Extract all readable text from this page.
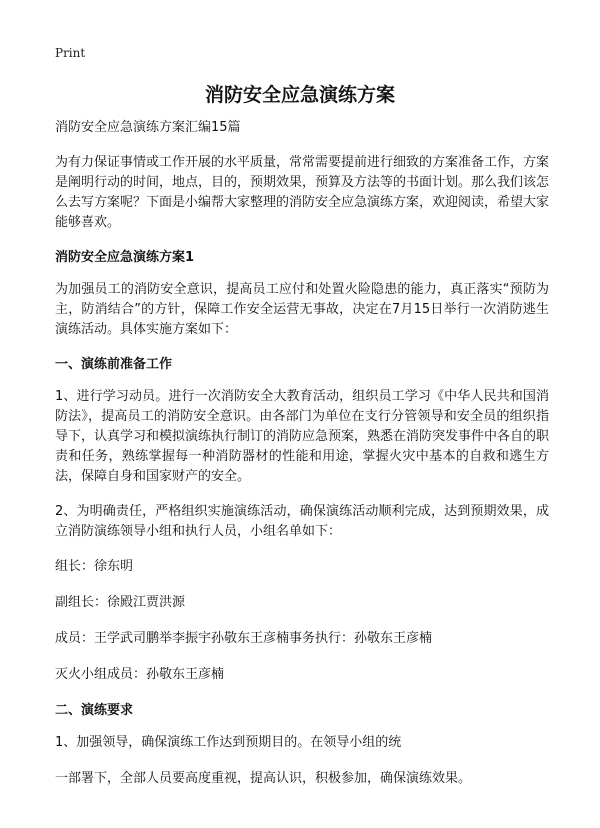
Print
消防安全应急演练方案

消防安全应急演练方案汇编15篇

为有力保证事情或工作开展的水平质量，常常需要提前进行细致的方案准备工作，方案是阐明行动的时间，地点，目的，预期效果，预算及方法等的书面计划。那么我们该怎么去写方案呢？下面是小编帮大家整理的消防安全应急演练方案，欢迎阅读，希望大家能够喜欢。

消防安全应急演练方案1

为加强员工的消防安全意识，提高员工应付和处置火险隐患的能力，真正落实“预防为主，防消结合”的方针，保障工作安全运营无事故，决定在7月15日举行一次消防逃生演练活动。具体实施方案如下：

一、演练前准备工作

1、进行学习动员。进行一次消防安全大教育活动，组织员工学习《中华人民共和国消防法》，提高员工的消防安全意识。由各部门为单位在支行分管领导和安全员的组织指导下，认真学习和模拟演练执行制订的消防应急预案，熟悉在消防突发事件中各自的职责和任务，熟练掌握每一种消防器材的性能和用途，掌握火灾中基本的自救和逃生方法，保障自身和国家财产的安全。

2、为明确责任，严格组织实施演练活动，确保演练活动顺利完成，达到预期效果，成立消防演练领导小组和执行人员，小组名单如下：

组长：徐东明

副组长：徐殿江贾洪源

成员：王学武司鹏举李振宇孙敬东王彦楠事务执行：孙敬东王彦楠

灭火小组成员：孙敬东王彦楠

二、演练要求

1、加强领导，确保演练工作达到预期目的。在领导小组的统

一部署下，全部人员要高度重视，提高认识，积极参加，确保演练效果。
